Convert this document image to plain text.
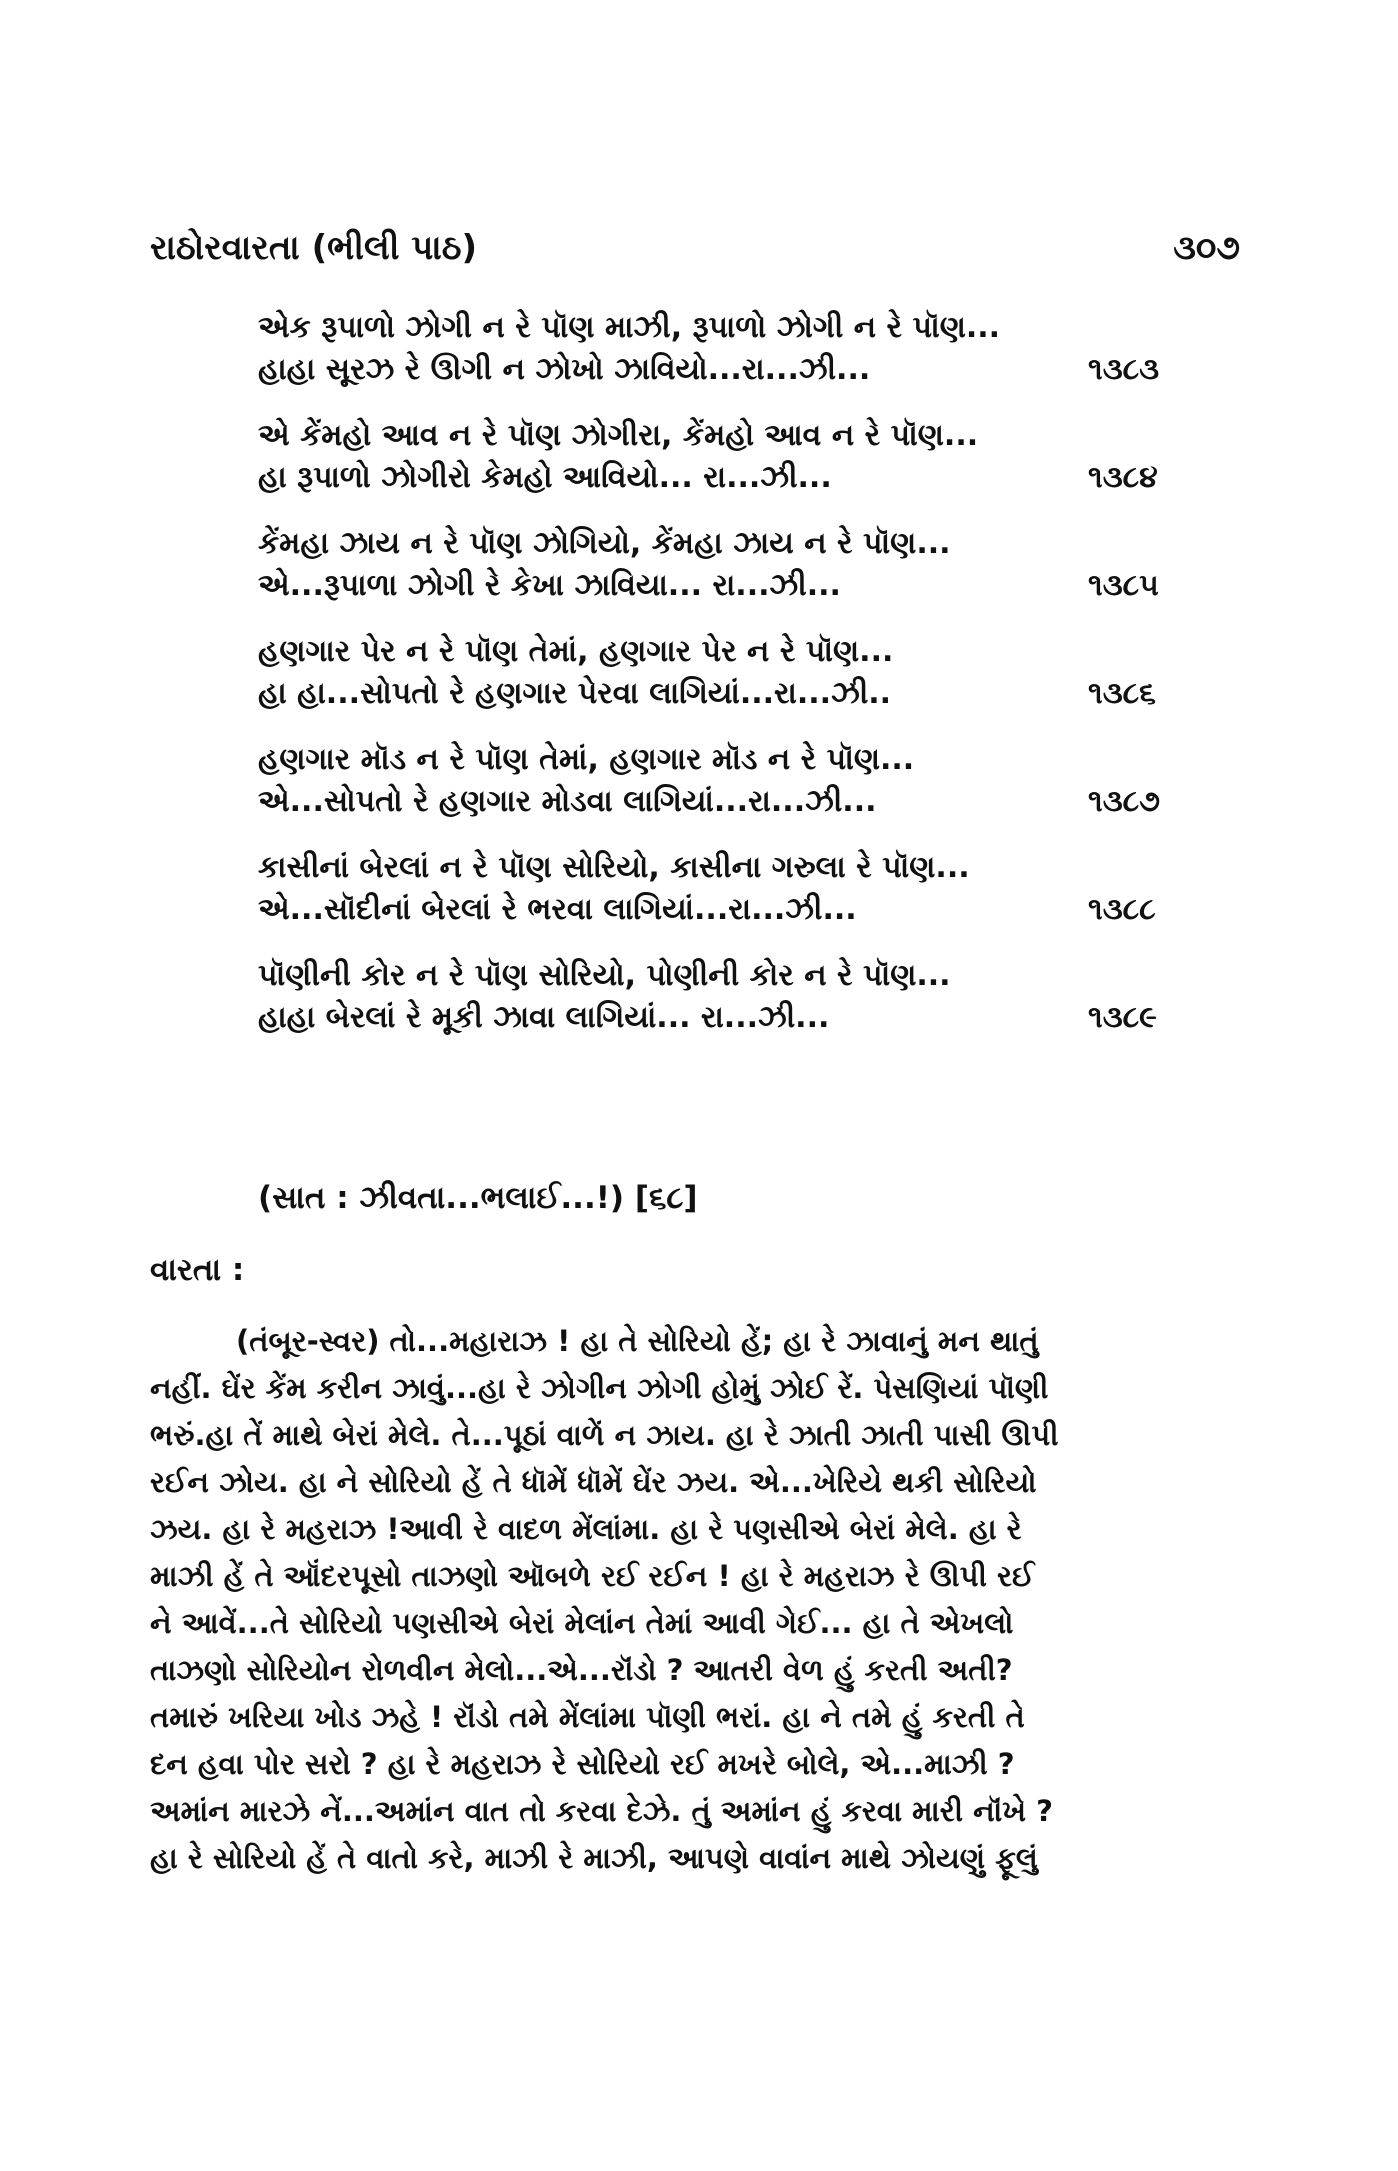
રાઠોરવારતા (ભીલી પાઠ)	૩૦૭
એક રૂપાળો ઝોગી ન રે પૉણ માઝી, રૂપાળો ઝોગી ન રે પૉણ...
હાહા સૂરઝ રે ઊગી ન ઝોખો ઝાવિયો...રા...ઝી...	૧૩૮૩
એ કેંમહો આવ ન રે પૉણ ઝોગીરા, કેંમહો આવ ન રે પૉણ...
હા રૂપાળો ઝોગીરો કેમહો આવિયો... રા...ઝી...	૧૩૮૪
કેંમહા ઝાય ન રે પૉણ ઝોગિયો, કેંમહા ઝાય ન રે પૉણ...
એ...રૂપાળા ઝોગી રે કેખા ઝાવિયા... રા...ઝી...	૧૩૮૫
હણગાર પેર ન રે પૉણ તેમાં, હણગાર પેર ન રે પૉણ...
હા હા...સોપતો રે હણગાર પેરવા લાગિયાં...રા...ઝી..	૧૩૮૬
હણગાર મૉડ ન રે પૉણ તેમાં, હણગાર મૉડ ન રે પૉણ...
એ...સોપતો રે હણગાર મોડવા લાગિયાં...રા...ઝી...	૧૩૮૭
કાસીનાં બેરલાં ન રે પૉણ સોરિયો, કાસીના ગરુલા રે પૉણ...
એ...સૉદીનાં બેરલાં રે ભરવા લાગિયાં...રા...ઝી...	૧૩૮૮
પૉણીની કોર ન રે પૉણ સોરિયો, પોણીની કોર ન રે પૉણ...
હાહા બેરલાં રે મૂકી ઝાવા લાગિયાં... રા...ઝી...	૧૩૮૯
(સાત : ઝીવતા...ભલાઈ...!) [૬૮]
વારતા :
(તંબૂર-સ્વર) તો...મહારાઝ ! હા તે સોરિયો હેં; હા રે ઝાવાનું મન થાતું
નહીં. ઘેંર કેંમ કરીન ઝાવું...હા રે ઝોગીન ઝોગી હોમું ઝોઈ રેં. પેસણિયાં પૉણી
ભરું.હા તેં માથે બેરાં મેલે. તે...પૂઠાં વાળેં ન ઝાય. હા રે ઝાતી ઝાતી પાસી ઊપી
રઈન ઝોય. હા ને સોરિયો હેં તે ધૉમેં ધૉમેં ઘેંર ઝય. એ...ખેરિયે થકી સોરિયો
ઝય. હા રે મહરાઝ !આવી રે વાદળ મેંલાંમા. હા રે પણસીએ બેરાં મેલે. હા રે
માઝી હેં તે ઑંદરપૂસો તાઝણો ઑબળે રઈ રઈન ! હા રે મહરાઝ રે ઊપી રઈ
ને આવેં...તે સોરિયો પણસીએ બેરાં મેલાંન તેમાં આવી ગેઈ... હા તે એખલો
તાઝણો સોરિયોન રોળવીન મેલો...એ...રૉંડો ? આતરી વેળ હું કરતી અતી?
તમારું ખરિયા ખોડ ઝહે ! રૉંડો તમે મેંલાંમા પૉણી ભરાં. હા ને તમે હું કરતી તે
દન હવા પોર સરો ? હા રે મહરાઝ રે સોરિયો રઈ મખરે બોલે, એ...માઝી ?
અમાંન મારઝે નેં...અમાંન વાત તો કરવા દેઝે. તું અમાંન હું કરવા મારી નૉંખે ?
હા રે સોરિયો હેં તે વાતો કરે, માઝી રે માઝી, આપણે વાવાંન માથે ઝોયણું ફૂલું
